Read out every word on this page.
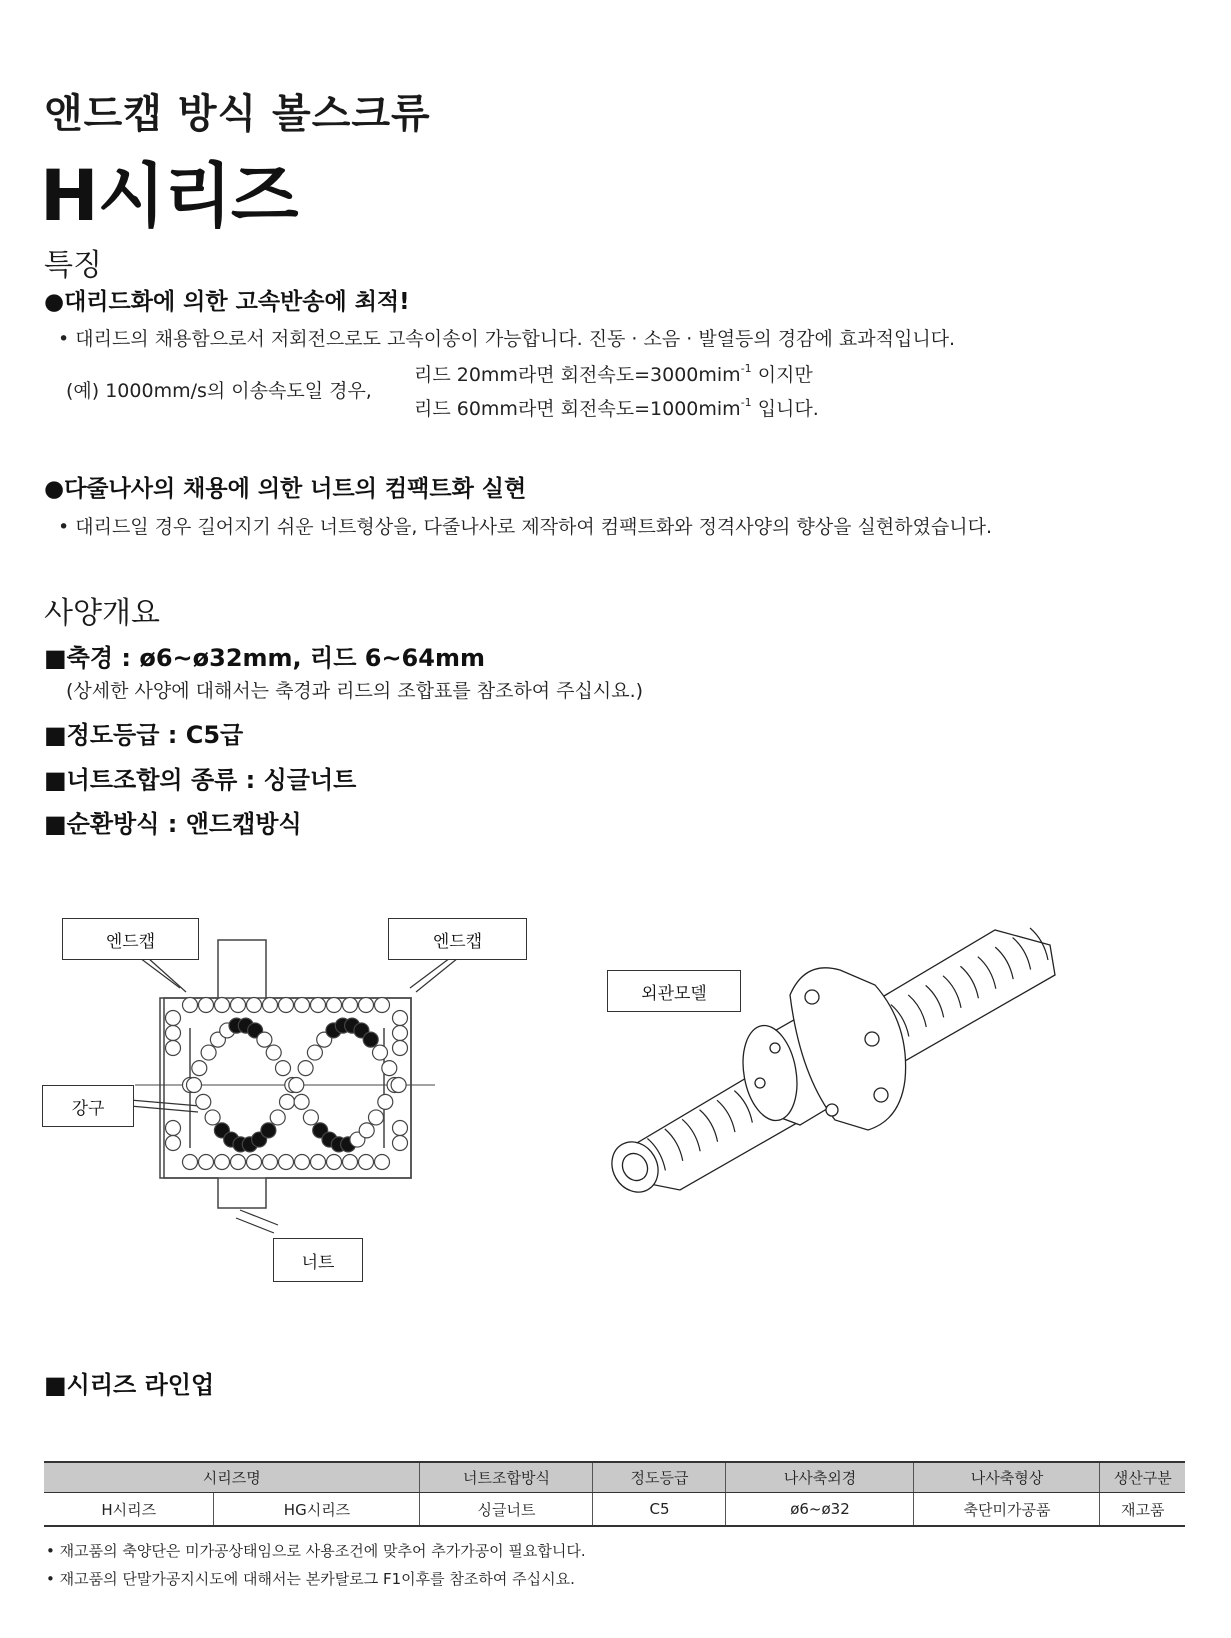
앤드캡 방식 볼스크류
H시리즈
특징
●대리드화에 의한 고속반송에 최적!
• 대리드의 채용함으로서 저회전으로도 고속이송이 가능합니다. 진동 · 소음 · 발열등의 경감에 효과적입니다.
(예) 1000mm/s의 이송속도일 경우,
리드 20mm라면 회전속도=3000mim$^{-1}$ 이지만
리드 60mm라면 회전속도=1000mim$^{-1}$ 입니다.
●다줄나사의 채용에 의한 너트의 컴팩트화 실현
• 대리드일 경우 길어지기 쉬운 너트형상을, 다줄나사로 제작하여 컴팩트화와 정격사양의 향상을 실현하였습니다.
사양개요
■축경 : ø6~ø32mm, 리드 6~64mm
(상세한 사양에 대해서는 축경과 리드의 조합표를 참조하여 주십시요.)
■정도등급 : C5급
■너트조합의 종류 : 싱글너트
■순환방식 : 앤드캡방식
엔드캡	엔드캡
강구
너트
외관모델
■시리즈 라인업
시리즈명		너트조합방식	정도등급	나사축외경	나사축형상	생산구분
H시리즈	HG시리즈	싱글너트	C5	ø6~ø32	축단미가공품	재고품
• 재고품의 축양단은 미가공상태임으로 사용조건에 맞추어 추가가공이 필요합니다.
• 재고품의 단말가공지시도에 대해서는 본카탈로그 F1이후를 참조하여 주십시요.
